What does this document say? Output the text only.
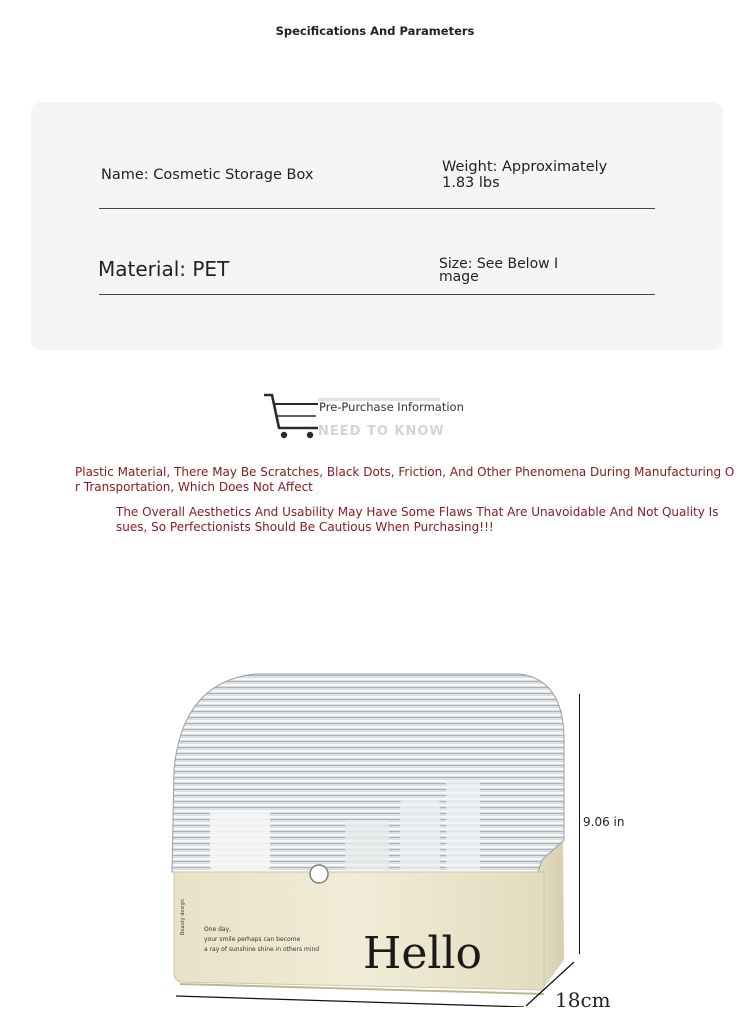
Specifications And Parameters
Name: Cosmetic Storage Box	Weight: Approximately
1.83 lbs
Material: PET	Size: See Below I
mage
Pre-Purchase Information
NEED TO KNOW
Plastic Material, There May Be Scratches, Black Dots, Friction, And Other Phenomena During Manufacturing O
r Transportation, Which Does Not Affect
The Overall Aesthetics And Usability May Have Some Flaws That Are Unavoidable And Not Quality Is
sues, So Perfectionists Should Be Cautious When Purchasing!!!
One day,
your smile perhaps can become
a ray of sunshine shine in others mind
Beauty design
Hello
9.06 in
18cm
